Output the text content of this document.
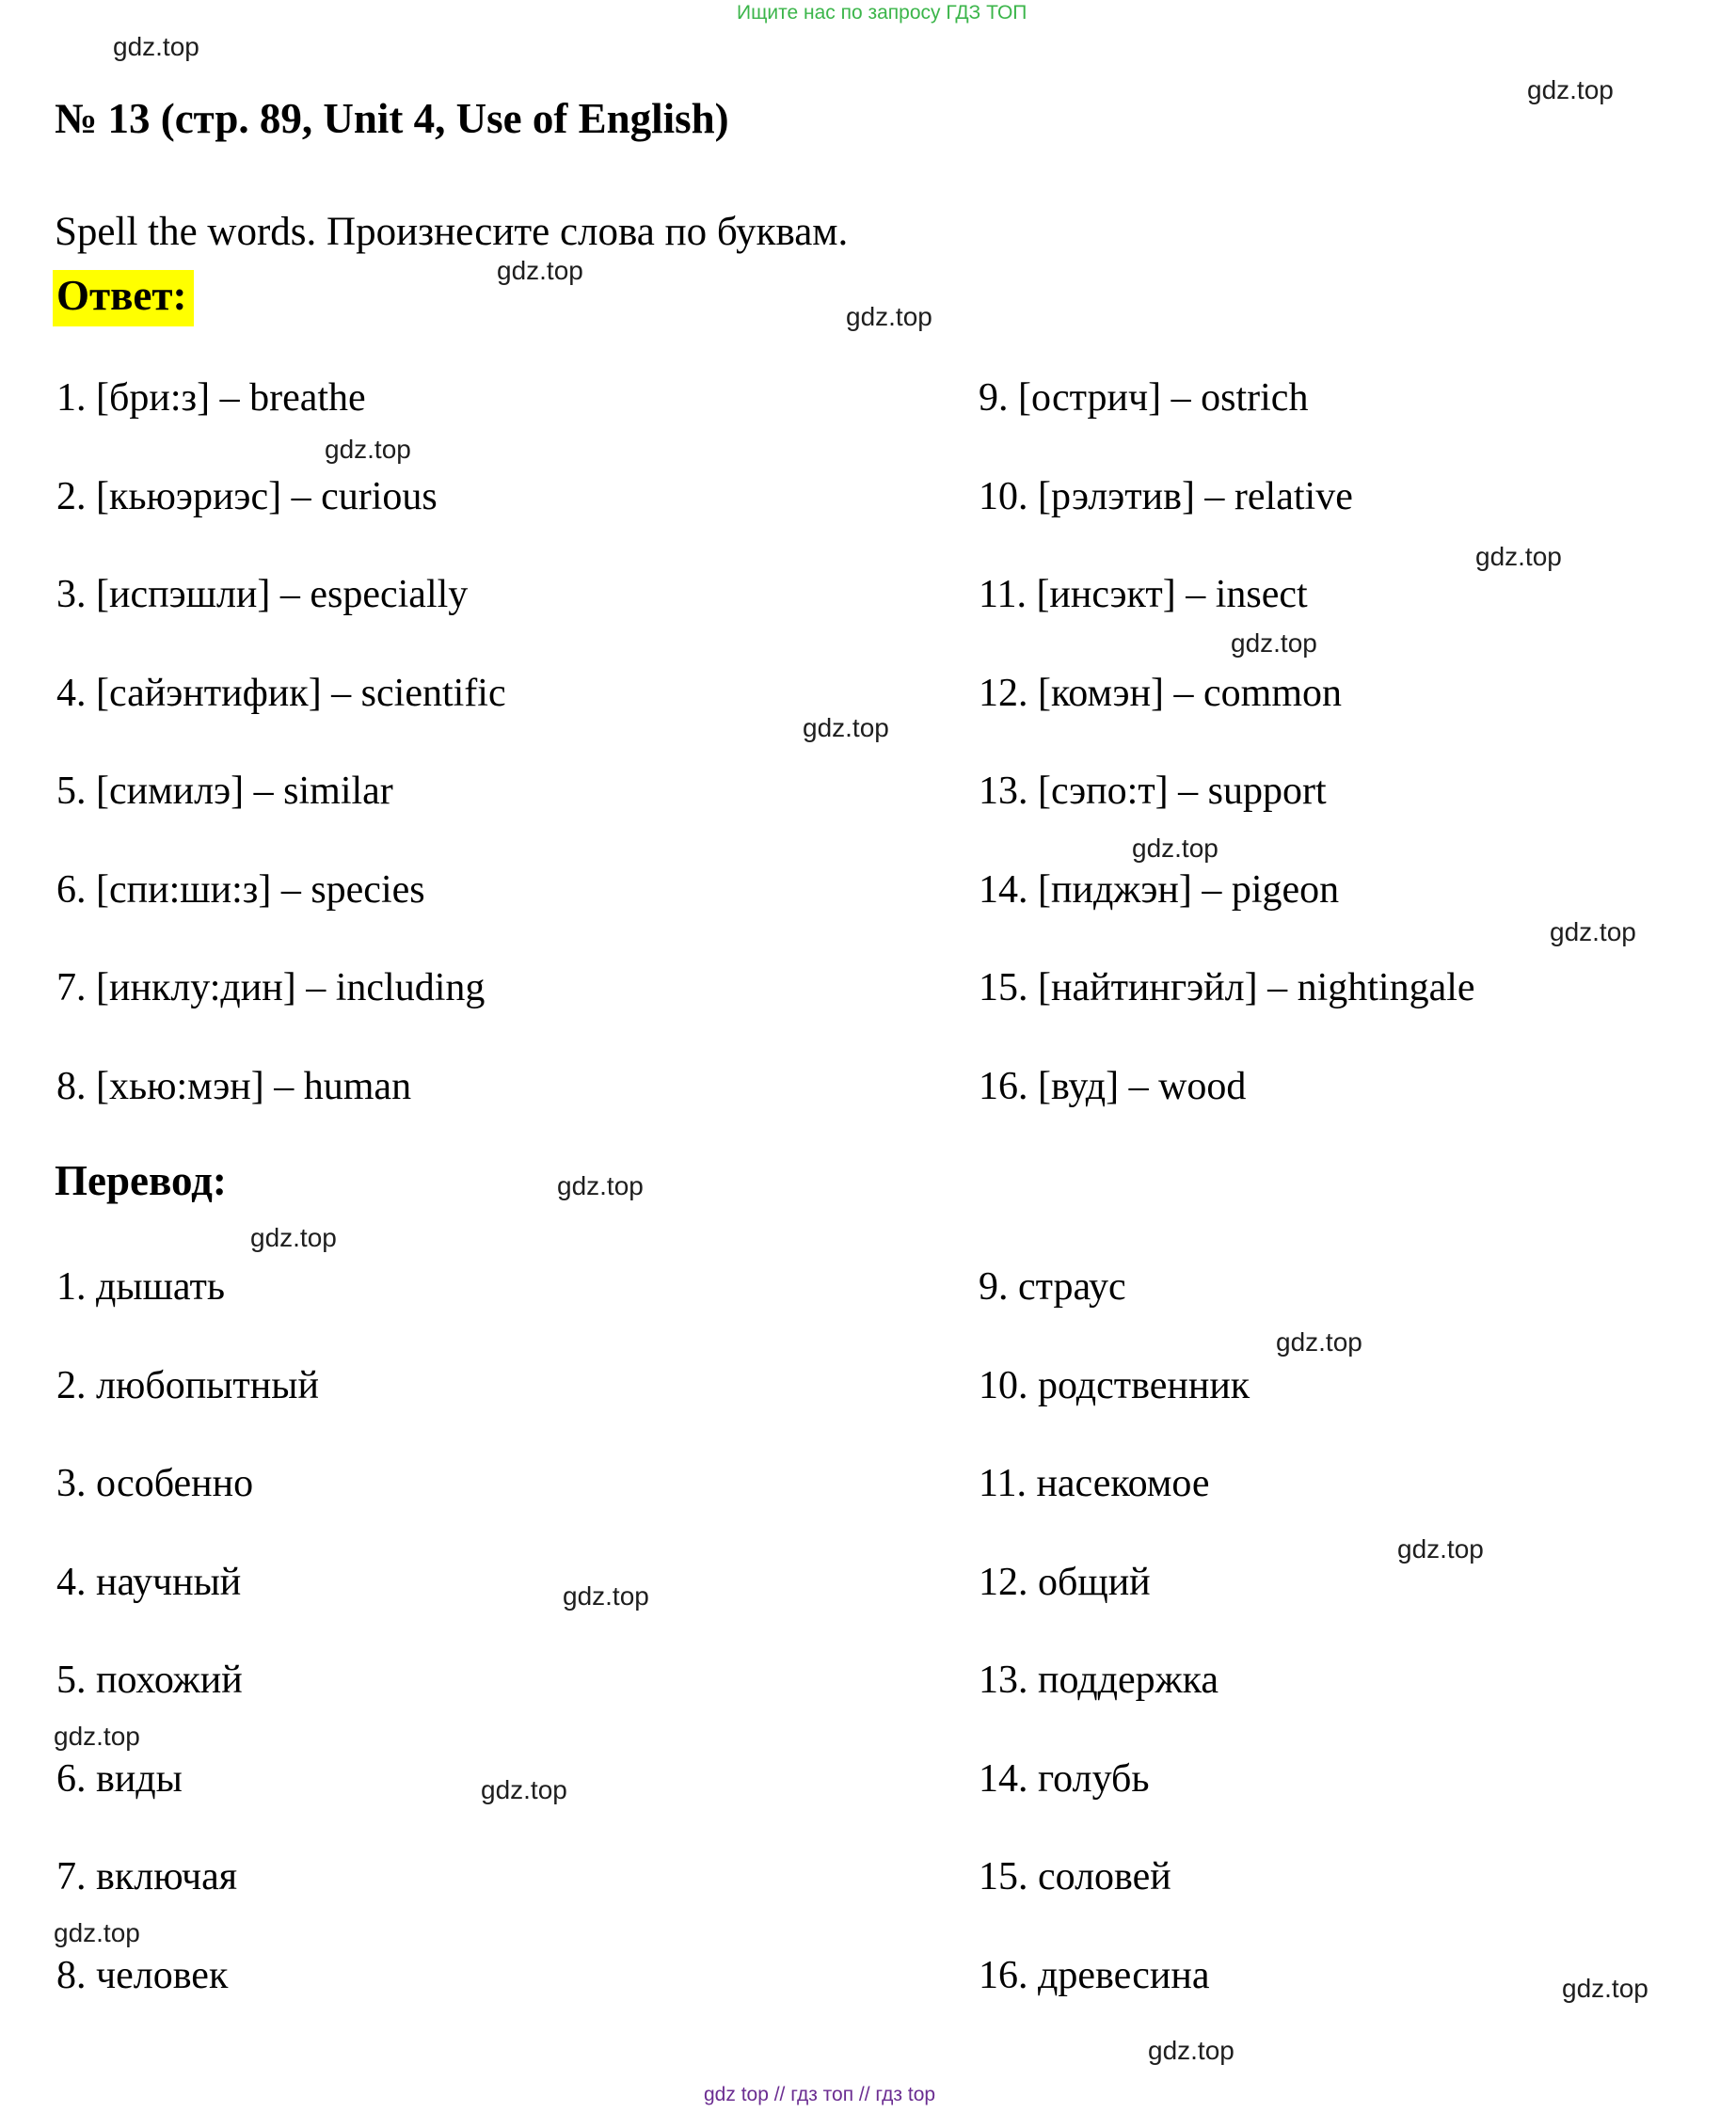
Ищите нас по запросу ГДЗ ТОП
gdz.top
gdz.top
gdz.top
gdz.top
gdz.top
gdz.top
gdz.top
gdz.top
gdz.top
gdz.top
gdz.top
gdz.top
gdz.top
gdz.top
gdz.top
gdz.top
gdz.top
gdz.top
gdz.top
gdz.top
№ 13 (стр. 89, Unit 4, Use of English)

Spell the words. Произнесите слова по буквам.

Ответ:
1. [бри:з] – breathe
2. [кьюэриэс] – curious
3. [испэшли] – especially
4. [сайэнтифик] – scientific
5. [симилэ] – similar
6. [спи:ши:з] – species
7. [инклу:дин] – including
8. [хью:мэн] – human
9. [острич] – ostrich
10. [рэлэтив] – relative
11. [инсэкт] – insect
12. [комэн] – common
13. [сэпо:т] – support
14. [пиджэн] – pigeon
15. [найтингэйл] – nightingale
16. [вуд] – wood
Перевод:
1. дышать
2. любопытный
3. особенно
4. научный
5. похожий
6. виды
7. включая
8. человек
9. страус
10. родственник
11. насекомое
12. общий
13. поддержка
14. голубь
15. соловей
16. древесина
gdz top // гдз топ // гдз top
